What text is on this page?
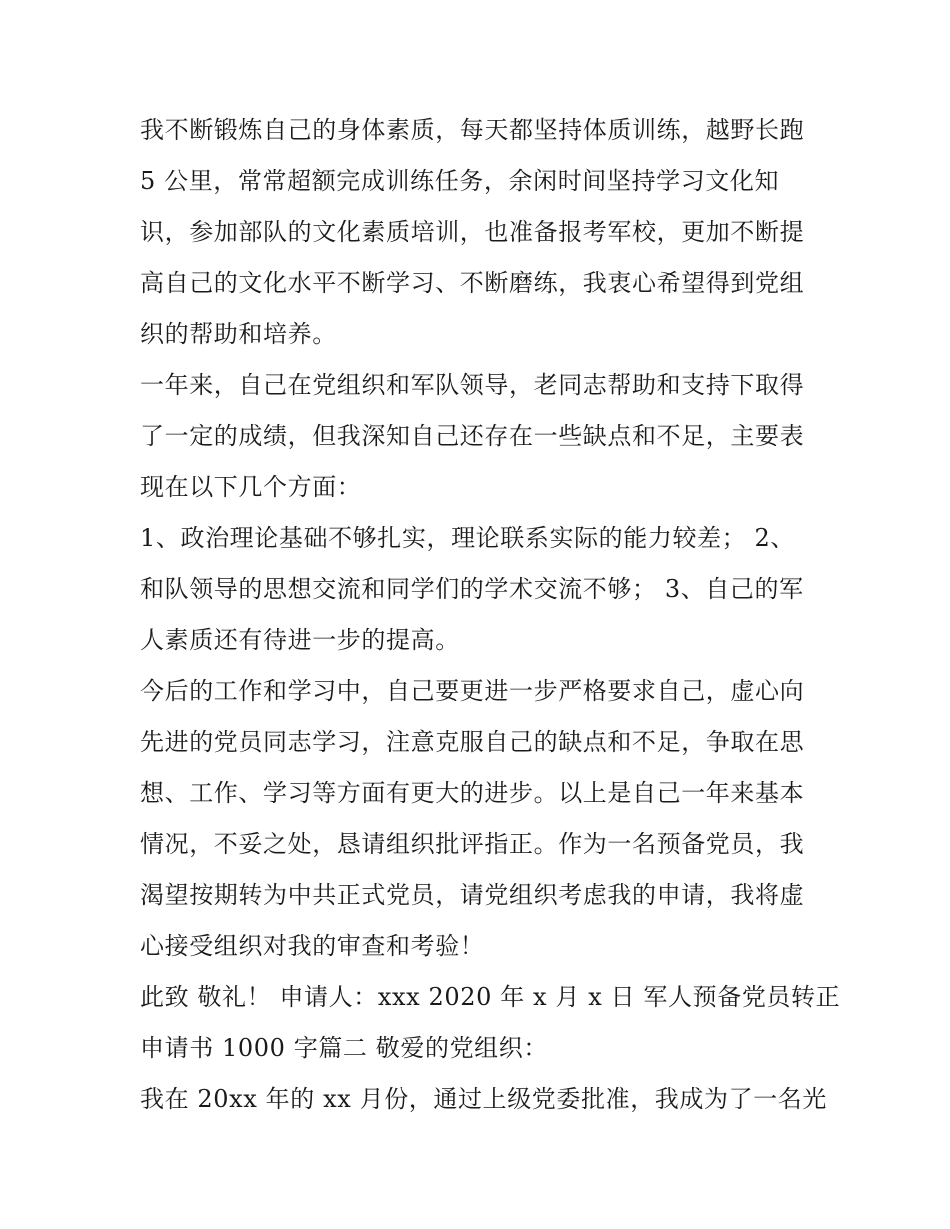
我不断锻炼自己的身体素质，每天都坚持体质训练，越野长跑
5 公里，常常超额完成训练任务，余闲时间坚持学习文化知
识，参加部队的文化素质培训，也准备报考军校，更加不断提
高自己的文化水平不断学习、不断磨练，我衷心希望得到党组
织的帮助和培养。
一年来，自己在党组织和军队领导，老同志帮助和支持下取得
了一定的成绩，但我深知自己还存在一些缺点和不足，主要表
现在以下几个方面：
1、政治理论基础不够扎实，理论联系实际的能力较差； 2、
和队领导的思想交流和同学们的学术交流不够； 3、自己的军
人素质还有待进一步的提高。
今后的工作和学习中，自己要更进一步严格要求自己，虚心向
先进的党员同志学习，注意克服自己的缺点和不足，争取在思
想、工作、学习等方面有更大的进步。以上是自己一年来基本
情况，不妥之处，恳请组织批评指正。作为一名预备党员，我
渴望按期转为中共正式党员，请党组织考虑我的申请，我将虚
心接受组织对我的审查和考验！
此致 敬礼！ 申请人：xxx 2020 年 x 月 x 日 军人预备党员转正
申请书 1000 字篇二 敬爱的党组织：
我在 20xx 年的 xx 月份，通过上级党委批准，我成为了一名光
